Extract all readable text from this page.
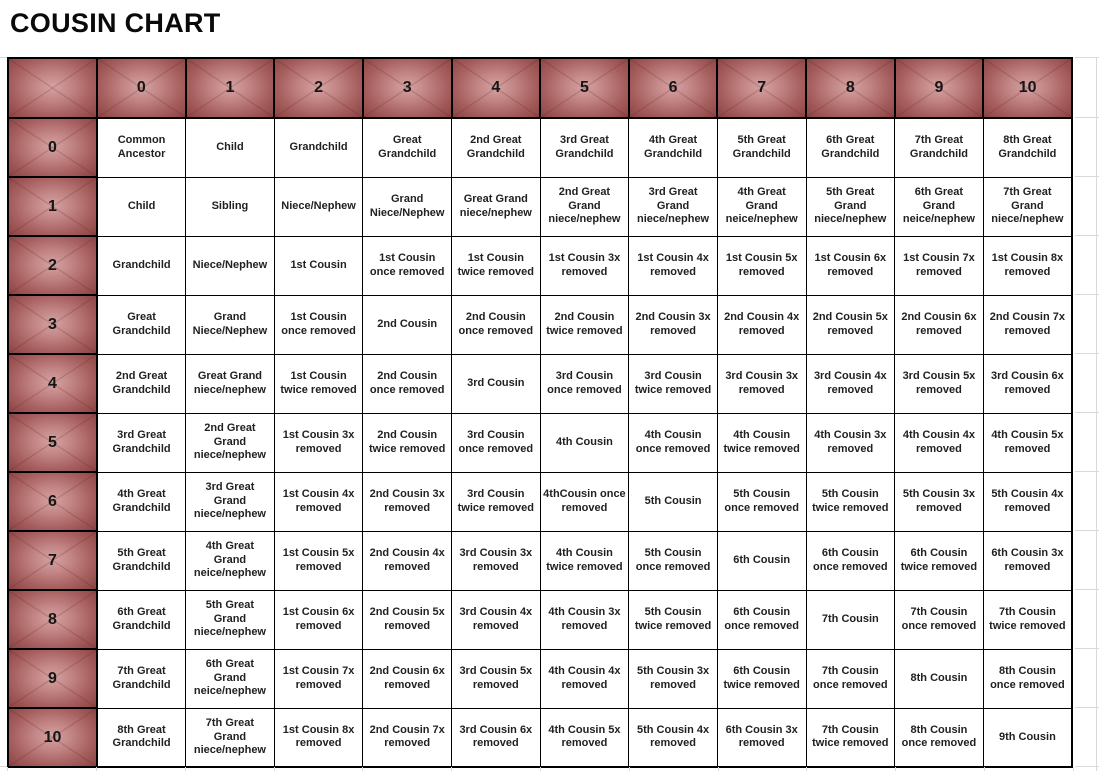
COUSIN CHART
	0	1	2	3	4	5	6	7	8	9	10
0	Common Ancestor	Child	Grandchild	Great Grandchild	2nd Great Grandchild	3rd Great Grandchild	4th Great Grandchild	5th Great Grandchild	6th Great Grandchild	7th Great Grandchild	8th Great Grandchild
1	Child	Sibling	Niece/Nephew	Grand Niece/Nephew	Great Grand niece/nephew	2nd Great Grand niece/nephew	3rd Great Grand niece/nephew	4th Great Grand neice/nephew	5th Great Grand niece/nephew	6th Great Grand neice/nephew	7th Great Grand niece/nephew
2	Grandchild	Niece/Nephew	1st Cousin	1st Cousin once removed	1st Cousin twice removed	1st Cousin 3x removed	1st Cousin 4x removed	1st Cousin 5x removed	1st Cousin 6x removed	1st Cousin 7x removed	1st Cousin 8x removed
3	Great Grandchild	Grand Niece/Nephew	1st Cousin once removed	2nd Cousin	2nd Cousin once removed	2nd Cousin twice removed	2nd Cousin 3x removed	2nd Cousin 4x removed	2nd Cousin 5x removed	2nd Cousin 6x removed	2nd Cousin 7x removed
4	2nd Great Grandchild	Great Grand niece/nephew	1st Cousin twice removed	2nd Cousin once removed	3rd Cousin	3rd Cousin once removed	3rd Cousin twice removed	3rd Cousin 3x removed	3rd Cousin 4x removed	3rd Cousin 5x removed	3rd Cousin 6x removed
5	3rd Great Grandchild	2nd Great Grand niece/nephew	1st Cousin 3x removed	2nd Cousin twice removed	3rd Cousin once removed	4th Cousin	4th Cousin once removed	4th Cousin twice removed	4th Cousin 3x removed	4th Cousin 4x removed	4th Cousin 5x removed
6	4th Great Grandchild	3rd Great Grand niece/nephew	1st Cousin 4x removed	2nd Cousin 3x removed	3rd Cousin twice removed	4thCousin once removed	5th Cousin	5th Cousin once removed	5th Cousin twice removed	5th Cousin 3x removed	5th Cousin 4x removed
7	5th Great Grandchild	4th Great Grand neice/nephew	1st Cousin 5x removed	2nd Cousin 4x removed	3rd Cousin 3x removed	4th Cousin twice removed	5th Cousin once removed	6th Cousin	6th Cousin once removed	6th Cousin twice removed	6th Cousin 3x removed
8	6th Great Grandchild	5th Great Grand niece/nephew	1st Cousin 6x removed	2nd Cousin 5x removed	3rd Cousin 4x removed	4th Cousin 3x removed	5th Cousin twice removed	6th Cousin once removed	7th Cousin	7th Cousin once removed	7th Cousin twice removed
9	7th Great Grandchild	6th Great Grand neice/nephew	1st Cousin 7x removed	2nd Cousin 6x removed	3rd Cousin 5x removed	4th Cousin 4x removed	5th Cousin 3x removed	6th Cousin twice removed	7th Cousin once removed	8th Cousin	8th Cousin once removed
10	8th Great Grandchild	7th Great Grand niece/nephew	1st Cousin 8x removed	2nd Cousin 7x removed	3rd Cousin 6x removed	4th Cousin 5x removed	5th Cousin 4x removed	6th Cousin 3x removed	7th Cousin twice removed	8th Cousin once removed	9th Cousin
